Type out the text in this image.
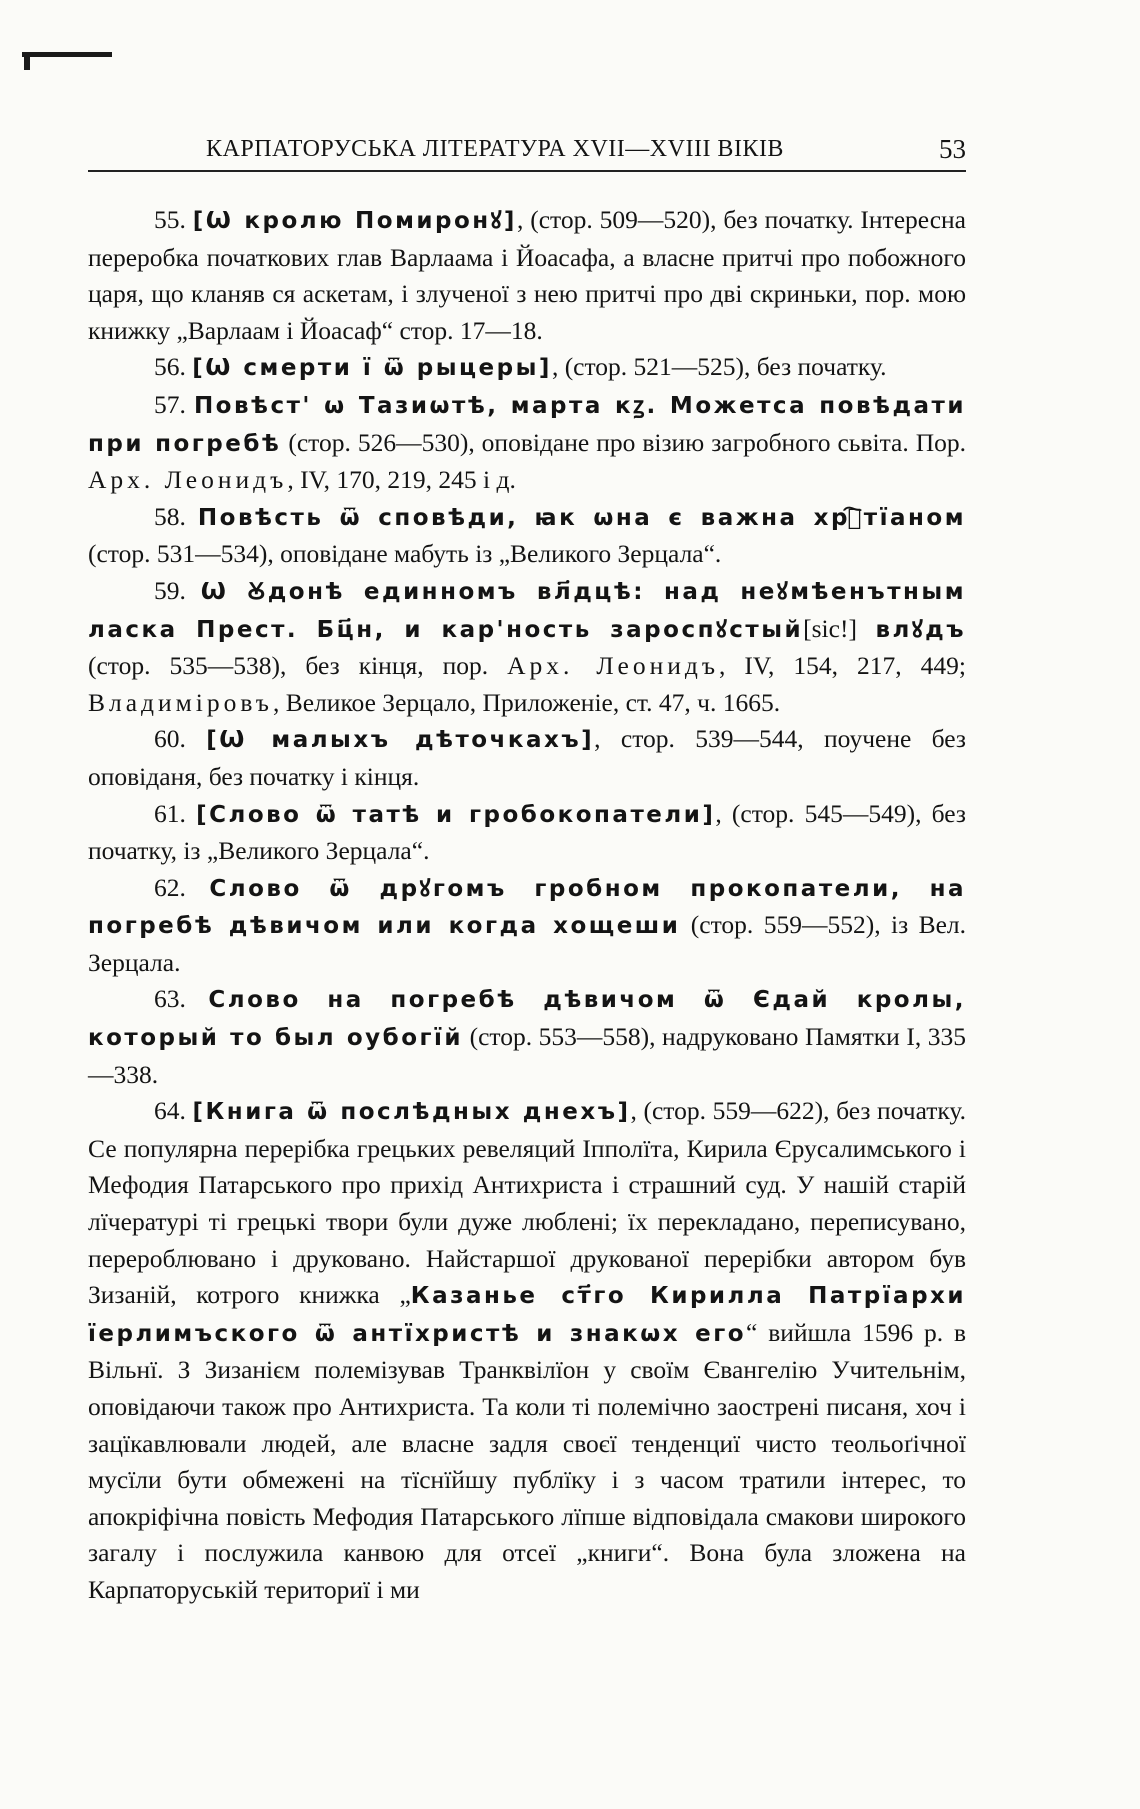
КАРПАТОРУСЬКА ЛІТЕРАТУРА XVII—XVIII ВІКІВ	53

55. [Ѡ кролю Помиронꙋ], (стор. 509—520), без початку. Інтересна переробка початкових глав Варлаама і Йоасафа, а власне притчі про побожного царя, що кланяв ся аскетам, і злученої з нею притчі про дві скриньки, пор. мою книжку „Варлаам і Йоасаф“ стор. 17—18.

56. [Ѡ смерти ї ѿ рыцеры], (стор. 521—525), без початку.

57. Повѣст' ѡ Тазиѡтѣ, марта кꙁ. Можетса повѣдати при погребѣ (стор. 526—530), оповідане про візию загробного сьвіта. Пор. Арх. Леонидъ, IV, 170, 219, 245 і д.

58. Повѣсть ѿ сповѣди, ꙗк ѡна є важна хрⷭ҇тїаном (стор. 531—534), оповідане мабуть із „Великого Зерцала“.

59. Ѡ Ꙋдонѣ единномъ вл҃дцѣ: над неꙋмѣенътным ласка Прест. Бц҃н, и кар'ность зароспꙋстый[sic!] влꙋдъ (стор. 535—538), без кінця, пор. Арх. Леонидъ, IV, 154, 217, 449; Владиміровъ, Великое Зерцало, Приложеніе, ст. 47, ч. 1665.

60. [Ѡ малыхъ дѣточкахъ], стор. 539—544, поучене без оповіданя, без початку і кінця.

61. [Слово ѿ татѣ и гробокопатели], (стор. 545—549), без початку, із „Великого Зерцала“.

62. Слово ѿ дрꙋгомъ гробном прокопатели, на погребѣ дѣвичом или когда хощеши (стор. 559—552), із Вел. Зерцала.

63. Слово на погребѣ дѣвичом ѿ Єдай кролы, который то был оубогїй (стор. 553—558), надруковано Памятки І, 335—338.

64. [Книга ѿ послѣдных днехъ], (стор. 559—622), без початку. Се популярна перерібка грецьких ревеляций Іпполїта, Кирила Єрусалимського і Мефодия Патарського про прихід Антихриста і страшний суд. У нашій старій лїчературі ті грецькі твори були дуже люблені; їх перекладано, переписувано, перероблювано і друковано. Найстаршої друкованої перерібки автором був Зизаній, котрого книжка „Казанье ст҃го Кирилла Патрїархи їерлимъского ѿ антїхристѣ и знакѡх его“ вийшла 1596 р. в Вільнї. З Зизанієм полемізував Транквілїон у своїм Євангелію Учительнім, оповідаючи також про Антихриста. Та коли ті полемічно заострені писаня, хоч і зацїкавлювали людей, але власне задля своєї тенденциї чисто теольоґічної мусїли бути обмежені на тїснїйшу публїку і з часом тратили інтерес, то апокріфічна повість Мефодия Патарського лїпше відповідала смакови широкого загалу і послужила канвою для отсеї „книги“. Вона була зложена на Карпаторуській териториї і ми
